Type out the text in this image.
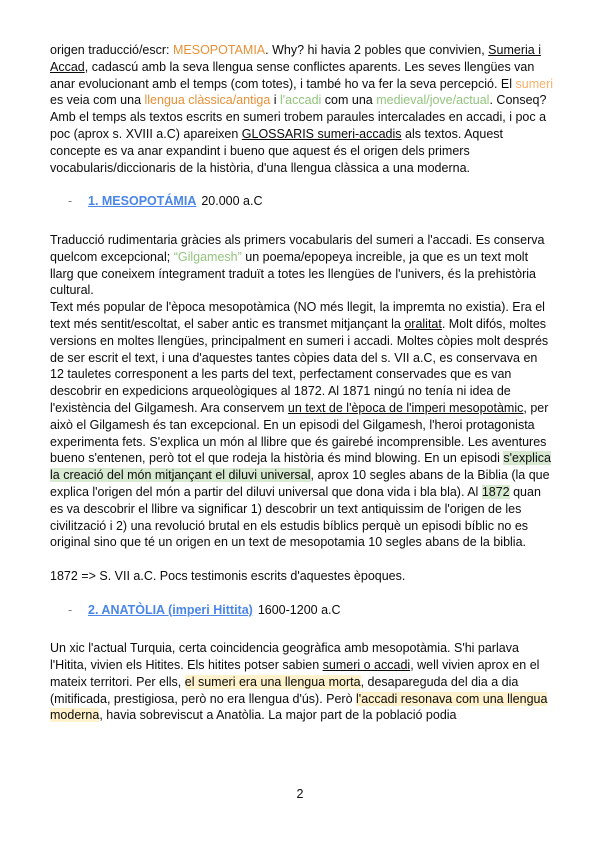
origen traducció/escr: MESOPOTAMIA. Why? hi havia 2 pobles que convivien, Sumeria i Accad, cadascú amb la seva llengua sense conflictes aparents. Les seves llengües van anar evolucionant amb el temps (com totes), i també ho va fer la seva percepció. El sumeri es veia com una llengua clàssica/antiga i l'accadi com una medieval/jove/actual. Conseq? Amb el temps als textos escrits en sumeri trobem paraules intercalades en accadi, i poc a poc (aprox s. XVIII a.C) apareixen GLOSSARIS sumeri-accadis als textos. Aquest concepte es va anar expandint i bueno que aquest és el origen dels primers vocabularis/diccionaris de la història, d'una llengua clàssica a una moderna.

-	1. MESOPOTÁMIA 20.000 a.C

Traducció rudimentaria gràcies als primers vocabularis del sumeri a l'accadi. Es conserva quelcom excepcional; “Gilgamesh” un poema/epopeya increible, ja que es un text molt llarg que coneixem íntegrament traduït a totes les llengües de l'univers, és la prehistòria cultural.
Text més popular de l'època mesopotàmica (NO més llegit, la impremta no existia). Era el text més sentit/escoltat, el saber antic es transmet mitjançant la oralitat. Molt difós, moltes versions en moltes llengües, principalment en sumeri i accadi. Moltes còpies molt després de ser escrit el text, i una d'aquestes tantes còpies data del s. VII a.C, es conservava en 12 tauletes corresponent a les parts del text, perfectament conservades que es van descobrir en expedicions arqueològiques al 1872. Al 1871 ningú no tenía ni idea de l'existència del Gilgamesh. Ara conservem un text de l'època de l'imperi mesopotàmic, per això el Gilgamesh és tan excepcional. En un episodi del Gilgamesh, l'heroi protagonista experimenta fets. S'explica un món al llibre que és gairebé incomprensible. Les aventures bueno s'entenen, però tot el que rodeja la història és mind blowing. En un episodi s'explica la creació del món mitjançant el diluvi universal, aprox 10 segles abans de la Biblia (la que explica l'origen del món a partir del diluvi universal que dona vida i bla bla). Al 1872 quan es va descobrir el llibre va significar 1) descobrir un text antiquissim de l'origen de les civilització i 2) una revolució brutal en els estudis bíblics perquè un episodi bíblic no es original sino que té un origen en un text de mesopotamia 10 segles abans de la biblia.

1872 => S. VII a.C. Pocs testimonis escrits d'aquestes èpoques.

-	2. ANATÒLIA (imperi Hittita) 1600-1200 a.C

Un xic l'actual Turquia, certa coincidencia geogràfica amb mesopotàmia. S'hi parlava l'Hitita, vivien els Hitites. Els hitites potser sabien sumeri o accadi, well vivien aprox en el mateix territori. Per ells, el sumeri era una llengua morta, desapareguda del dia a dia (mitificada, prestigiosa, però no era llengua d'ús). Però l'accadi resonava com una llengua moderna, havia sobreviscut a Anatòlia. La major part de la població podia

2
